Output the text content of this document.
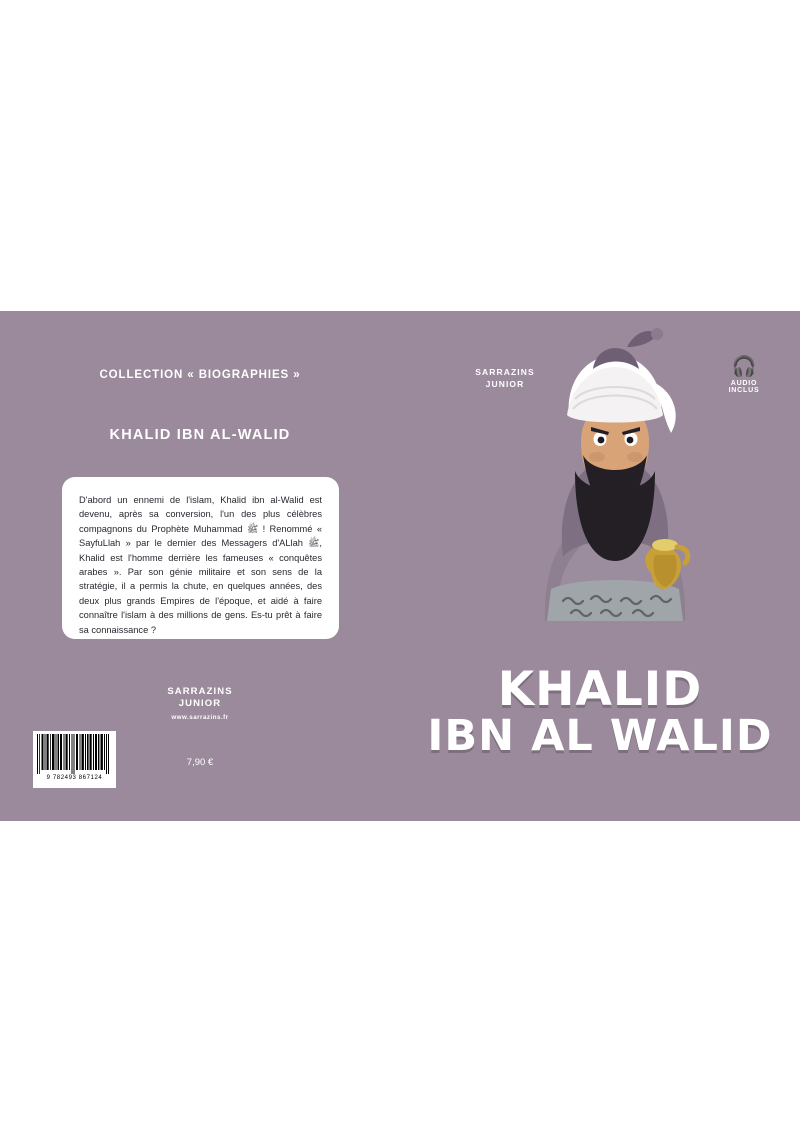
COLLECTION « BIOGRAPHIES »
KHALID IBN AL-WALID

D'abord un ennemi de l'islam, Khalid ibn al-Walid est devenu, après sa conversion, l'un des plus célèbres compagnons du Prophète Muhammad ﷺ ! Renommé « SayfuLlah » par le dernier des Messagers d'ALlah ﷺ, Khalid est l'homme derrière les fameuses « conquêtes arabes ». Par son génie militaire et son sens de la stratégie, il a permis la chute, en quelques années, des deux plus grands Empires de l'époque, et aidé à faire connaître l'islam à des millions de gens. Es-tu prêt à faire sa connaissance ?

SARRAZINS
JUNIOR
www.sarrazins.fr
7,90 €
9 782493 867124
SARRAZINS
JUNIOR
🎧
AUDIO INCLUS
KHALID
IBN AL WALID
